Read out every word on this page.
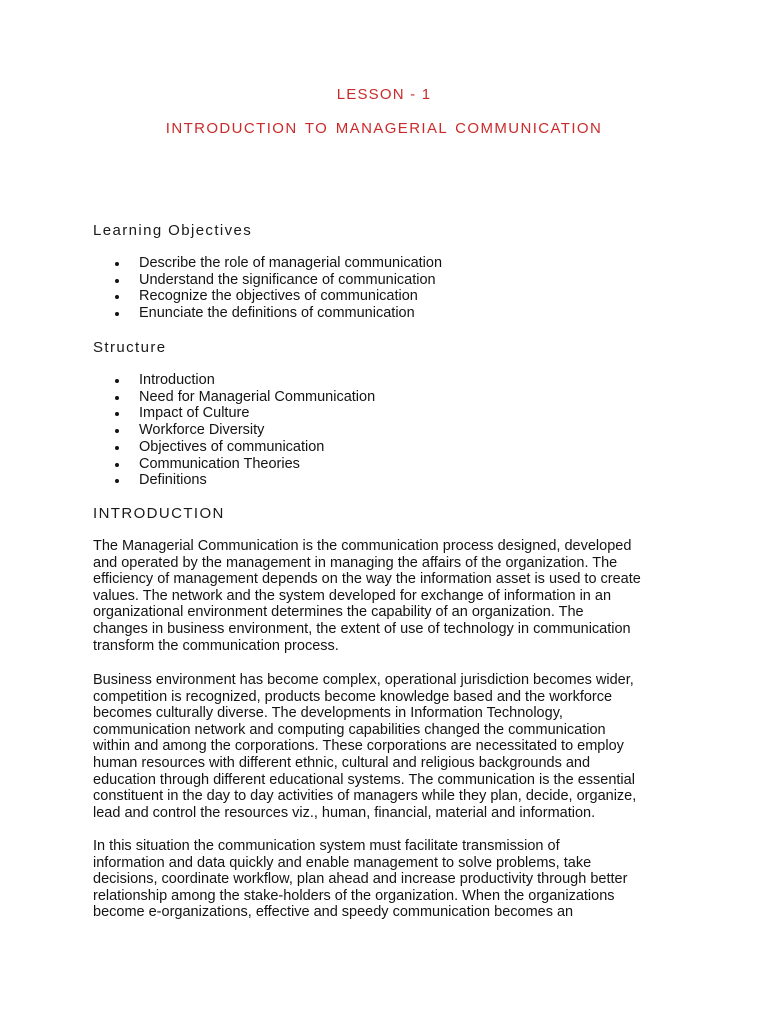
LESSON - 1
INTRODUCTION TO MANAGERIAL COMMUNICATION
Learning Objectives
Describe the role of managerial communication
Understand the significance of communication
Recognize the objectives of communication
Enunciate the definitions of communication
Structure
Introduction
Need for Managerial Communication
Impact of Culture
Workforce Diversity
Objectives of communication
Communication Theories
Definitions
INTRODUCTION

The Managerial Communication is the communication process designed, developed
and operated by the management in managing the affairs of the organization. The
efficiency of management depends on the way the information asset is used to create
values. The network and the system developed for exchange of information in an
organizational environment determines the capability of an organization. The
changes in business environment, the extent of use of technology in communication
transform the communication process.

Business environment has become complex, operational jurisdiction becomes wider,
competition is recognized, products become knowledge based and the workforce
becomes culturally diverse. The developments in Information Technology,
communication network and computing capabilities changed the communication
within and among the corporations. These corporations are necessitated to employ
human resources with different ethnic, cultural and religious backgrounds and
education through different educational systems. The communication is the essential
constituent in the day to day activities of managers while they plan, decide, organize,
lead and control the resources viz., human, financial, material and information.

In this situation the communication system must facilitate transmission of
information and data quickly and enable management to solve problems, take
decisions, coordinate workflow, plan ahead and increase productivity through better
relationship among the stake-holders of the organization. When the organizations
become e-organizations, effective and speedy communication becomes an
